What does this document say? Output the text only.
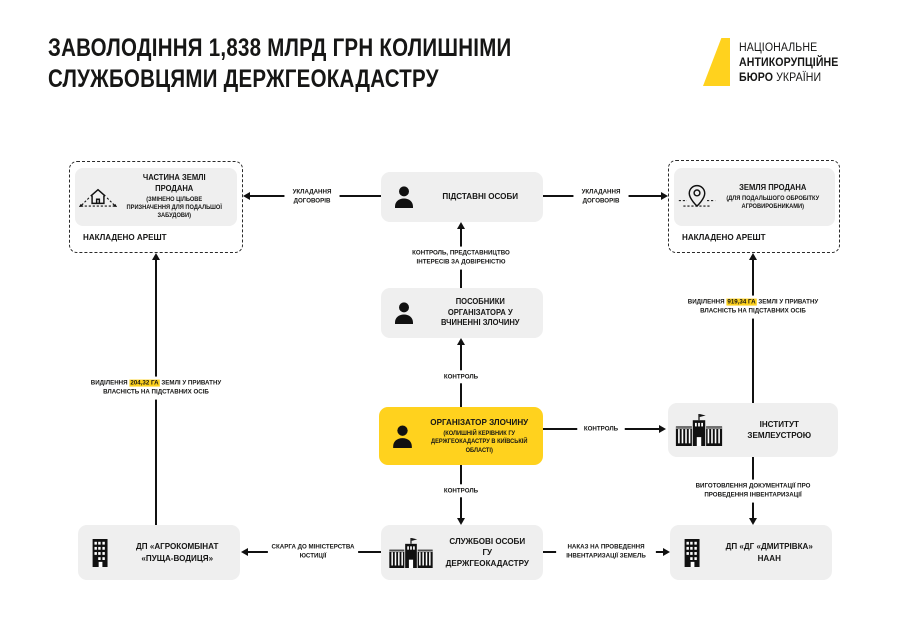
ЗАВОЛОДІННЯ 1,838 МЛРД ГРН КОЛИШНІМИ
СЛУЖБОВЦЯМИ ДЕРЖГЕОКАДАСТРУ
НАЦІОНАЛЬНЕ
АНТИКОРУПЦІЙНЕ
БЮРО УКРАЇНИ
ЧАСТИНА ЗЕМЛІ ПРОДАНА
(ЗМІНЕНО ЦІЛЬОВЕ ПРИЗНАЧЕННЯ ДЛЯ ПОДАЛЬШОЇ ЗАБУДОВИ)
НАКЛАДЕНО АРЕШТ
ПІДСТАВНІ ОСОБИ
ЗЕМЛЯ ПРОДАНА
(ДЛЯ ПОДАЛЬШОГО ОБРОБІТКУ АГРОВИРОБНИКАМИ)
НАКЛАДЕНО АРЕШТ
ПОСОБНИКИ ОРГАНІЗАТОРА У ВЧИНЕННІ ЗЛОЧИНУ
ОРГАНІЗАТОР ЗЛОЧИНУ
(КОЛИШНІЙ КЕРІВНИК ГУ ДЕРЖГЕОКАДАСТРУ В КИЇВСЬКІЙ ОБЛАСТІ)
ІНСТИТУТ ЗЕМЛЕУСТРОЮ
ДП «АГРОКОМБІНАТ «ПУЩА-ВОДИЦЯ»
СЛУЖБОВІ ОСОБИ ГУ ДЕРЖГЕОКАДАСТРУ
ДП «ДГ «ДМИТРІВКА» НААН
УКЛАДАННЯ ДОГОВОРІВ
УКЛАДАННЯ ДОГОВОРІВ
КОНТРОЛЬ, ПРЕДСТАВНИЦТВО ІНТЕРЕСІВ ЗА ДОВІРЕНІСТЮ
КОНТРОЛЬ
КОНТРОЛЬ
КОНТРОЛЬ
ВИДІЛЕННЯ 919,34 ГА ЗЕМЛІ У ПРИВАТНУ ВЛАСНІСТЬ НА ПІДСТАВНИХ ОСІБ
ВИДІЛЕННЯ 204,32 ГА ЗЕМЛІ У ПРИВАТНУ ВЛАСНІСТЬ НА ПІДСТАВНИХ ОСІБ
ВИГОТОВЛЕННЯ ДОКУМЕНТАЦІЇ ПРО ПРОВЕДЕННЯ ІНВЕНТАРИЗАЦІЇ
СКАРГА ДО МІНІСТЕРСТВА ЮСТИЦІЇ
НАКАЗ НА ПРОВЕДЕННЯ ІНВЕНТАРИЗАЦІЇ ЗЕМЕЛЬ
